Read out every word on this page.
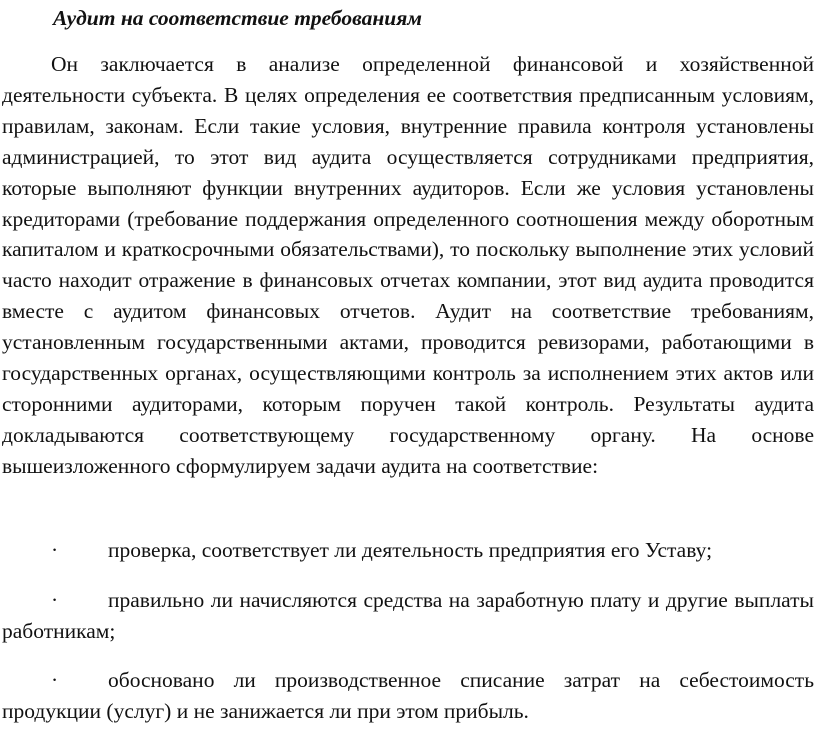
Аудит на соответствие требованиям

Он заключается в анализе определенной финансовой и хозяйственной деятельности субъекта. В целях определения ее соответствия предписанным условиям, правилам, законам. Если такие условия, внутренние правила контроля установлены администрацией, то этот вид аудита осуществляется сотрудниками предприятия, которые выполняют функции внутренних аудиторов. Если же условия установлены кредиторами (требование поддержания определенного соотношения между оборотным капиталом и краткосрочными обязательствами), то поскольку выполнение этих условий часто находит отражение в финансовых отчетах компании, этот вид аудита проводится вместе с аудитом финансовых отчетов. Аудит на соответствие требованиям, установленным государственными актами, проводится ревизорами, работающими в государственных органах, осуществляющими контроль за исполнением этих актов или сторонними аудиторами, которым поручен такой контроль. Результаты аудита докладываются соответствующему государственному органу. На основе вышеизложенного сформулируем задачи аудита на соответствие:

· проверка, соответствует ли деятельность предприятия его Уставу;

· правильно ли начисляются средства на заработную плату и другие выплаты работникам;

· обосновано ли производственное списание затрат на себестоимость продукции (услуг) и не занижается ли при этом прибыль.
